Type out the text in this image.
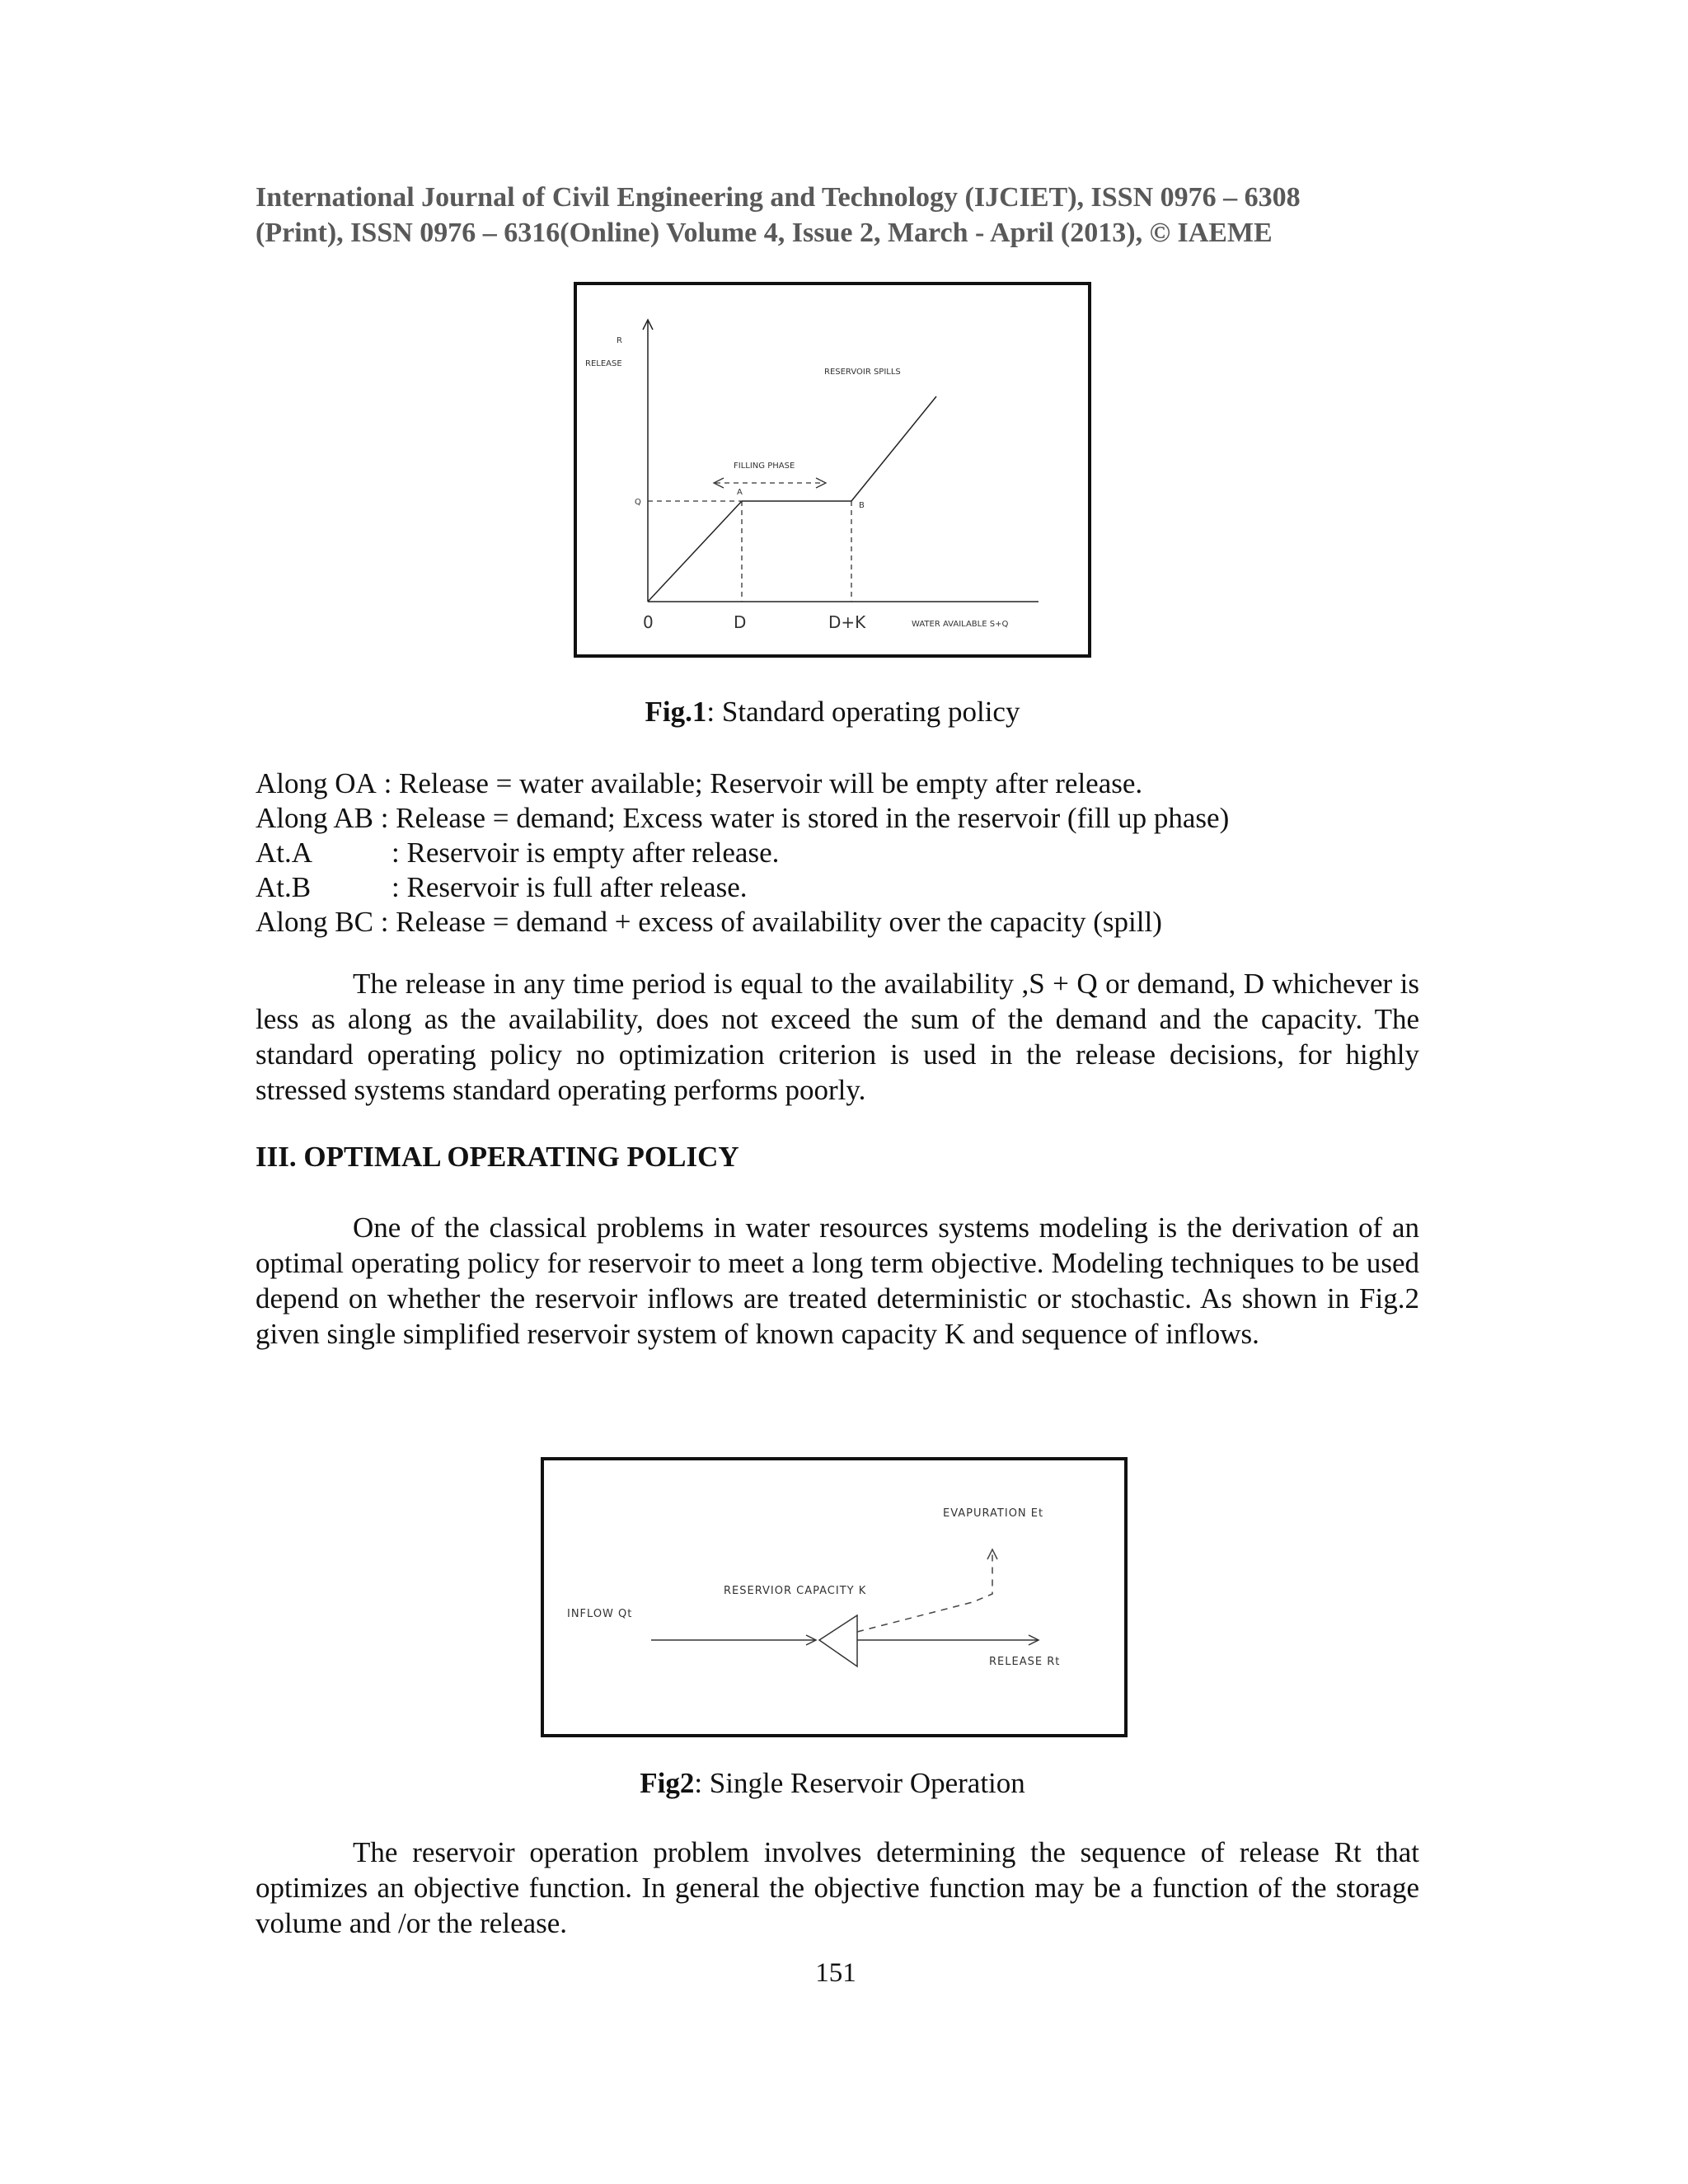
International Journal of Civil Engineering and Technology (IJCIET), ISSN 0976 – 6308
(Print), ISSN 0976 – 6316(Online) Volume 4, Issue 2, March - April (2013), © IAEME
R
RELEASE
RESERVOIR SPILLS
FILLING PHASE
Q
A
B
0	D	D+K	WATER AVAILABLE S+Q
Fig.1: Standard operating policy
Along OA : Release = water available; Reservoir will be empty after release.
Along AB : Release = demand; Excess water is stored in the reservoir (fill up phase)
At.A	: Reservoir is empty after release.
At.B	: Reservoir is full after release.
Along BC : Release = demand + excess of availability over the capacity (spill)
The release in any time period is equal to the availability ,S + Q or demand, D whichever is less as along as the availability, does not exceed the sum of the demand and the capacity. The standard operating policy no optimization criterion is used in the release decisions, for highly stressed systems standard operating performs poorly.
III. OPTIMAL OPERATING POLICY
One of the classical problems in water resources systems modeling is the derivation of an optimal operating policy for reservoir to meet a long term objective. Modeling techniques to be used depend on whether the reservoir inflows are treated deterministic or stochastic. As shown in Fig.2 given single simplified reservoir system of known capacity K and sequence of inflows.
EVAPURATION Et
RESERVIOR CAPACITY K
INFLOW Qt
RELEASE Rt
Fig2: Single Reservoir Operation
The reservoir operation problem involves determining the sequence of release Rt that optimizes an objective function. In general the objective function may be a function of the storage volume and /or the release.
151
